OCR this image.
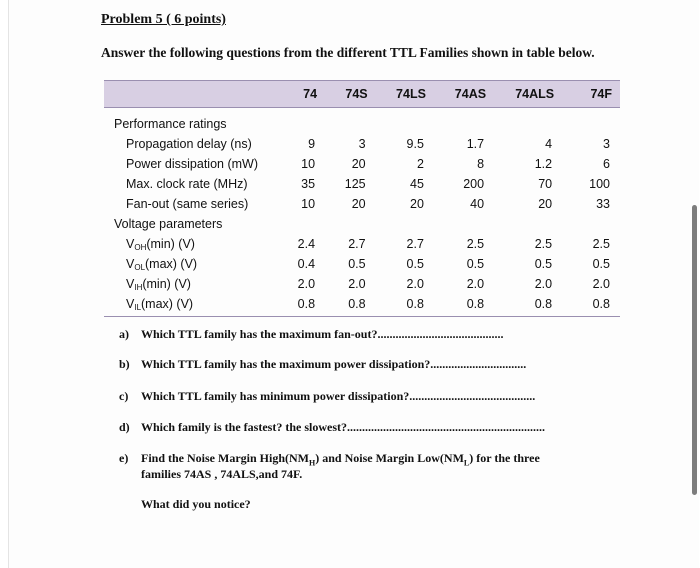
Problem 5 ( 6 points)
Answer the following questions from the different TTL Families shown in table below.
	74	74S	74LS	74AS	74ALS	74F
Performance ratings						
Propagation delay (ns)	9	3	9.5	1.7	4	3
Power dissipation (mW)	10	20	2	8	1.2	6
Max. clock rate (MHz)	35	125	45	200	70	100
Fan-out (same series)	10	20	20	40	20	33
Voltage parameters						
VOH(min) (V)	2.4	2.7	2.7	2.5	2.5	2.5
VOL(max) (V)	0.4	0.5	0.5	0.5	0.5	0.5
VIH(min) (V)	2.0	2.0	2.0	2.0	2.0	2.0
VIL(max) (V)	0.8	0.8	0.8	0.8	0.8	0.8
a) Which TTL family has the maximum fan-out?..........................................
b) Which TTL family has the maximum power dissipation?................................
c) Which TTL family has minimum power dissipation?..........................................
d) Which family is the fastest? the slowest?..................................................................
e) Find the Noise Margin $High(NM_H)$ and Noise Margin $Low(NM_L)$ for the three
families 74AS , 74ALS,and 74F.
What did you notice?
